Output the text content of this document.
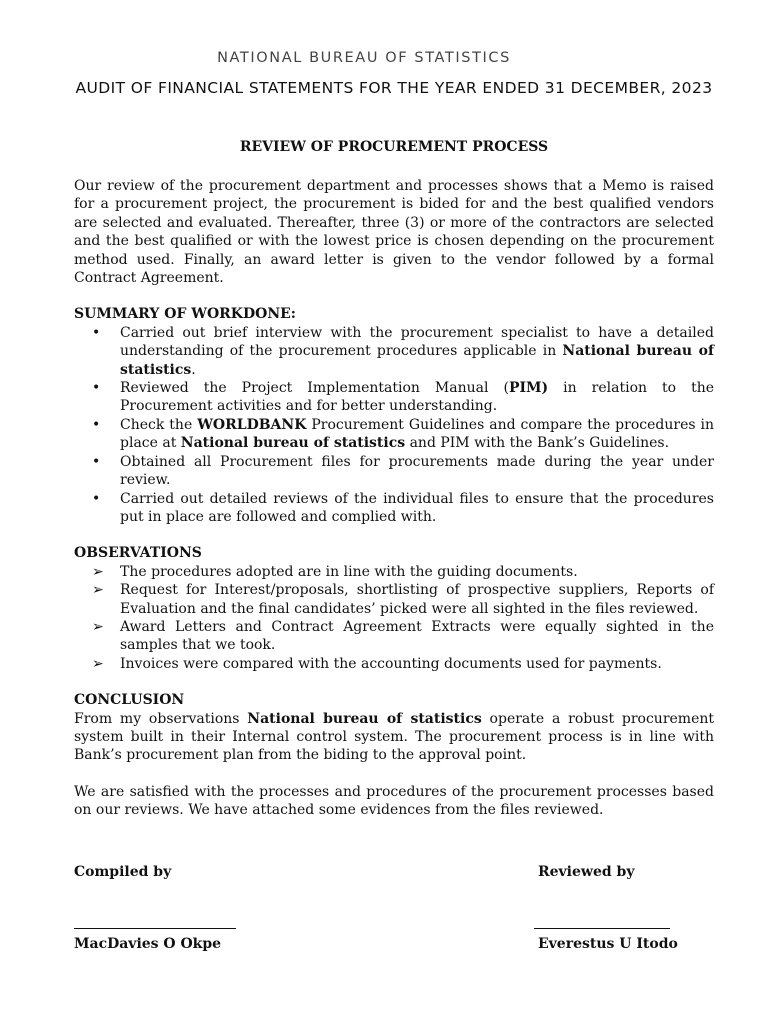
NATIONAL BUREAU OF STATISTICS
AUDIT OF FINANCIAL STATEMENTS FOR THE YEAR ENDED 31 DECEMBER, 2023
REVIEW OF PROCUREMENT PROCESS

Our review of the procurement department and processes shows that a Memo is raised for a procurement project, the procurement is bided for and the best qualified vendors are selected and evaluated. Thereafter, three (3) or more of the contractors are selected and the best qualified or with the lowest price is chosen depending on the procurement method used. Finally, an award letter is given to the vendor followed by a formal Contract Agreement.

SUMMARY OF WORKDONE:

• Carried out brief interview with the procurement specialist to have a detailed understanding of the procurement procedures applicable in National bureau of statistics.
• Reviewed the Project Implementation Manual (PIM) in relation to the Procurement activities and for better understanding.
• Check the WORLDBANK Procurement Guidelines and compare the procedures in place at National bureau of statistics and PIM with the Bank’s Guidelines.
• Obtained all Procurement files for procurements made during the year under review.
• Carried out detailed reviews of the individual files to ensure that the procedures put in place are followed and complied with.

OBSERVATIONS

➢ The procedures adopted are in line with the guiding documents.
➢ Request for Interest/proposals, shortlisting of prospective suppliers, Reports of Evaluation and the final candidates’ picked were all sighted in the files reviewed.
➢ Award Letters and Contract Agreement Extracts were equally sighted in the samples that we took.
➢ Invoices were compared with the accounting documents used for payments.

CONCLUSION

From my observations National bureau of statistics operate a robust procurement system built in their Internal control system. The procurement process is in line with Bank’s procurement plan from the biding to the approval point.

We are satisfied with the processes and procedures of the procurement processes based on our reviews. We have attached some evidences from the files reviewed.

Compiled by	Reviewed by
MacDavies O Okpe	Everestus U Itodo
